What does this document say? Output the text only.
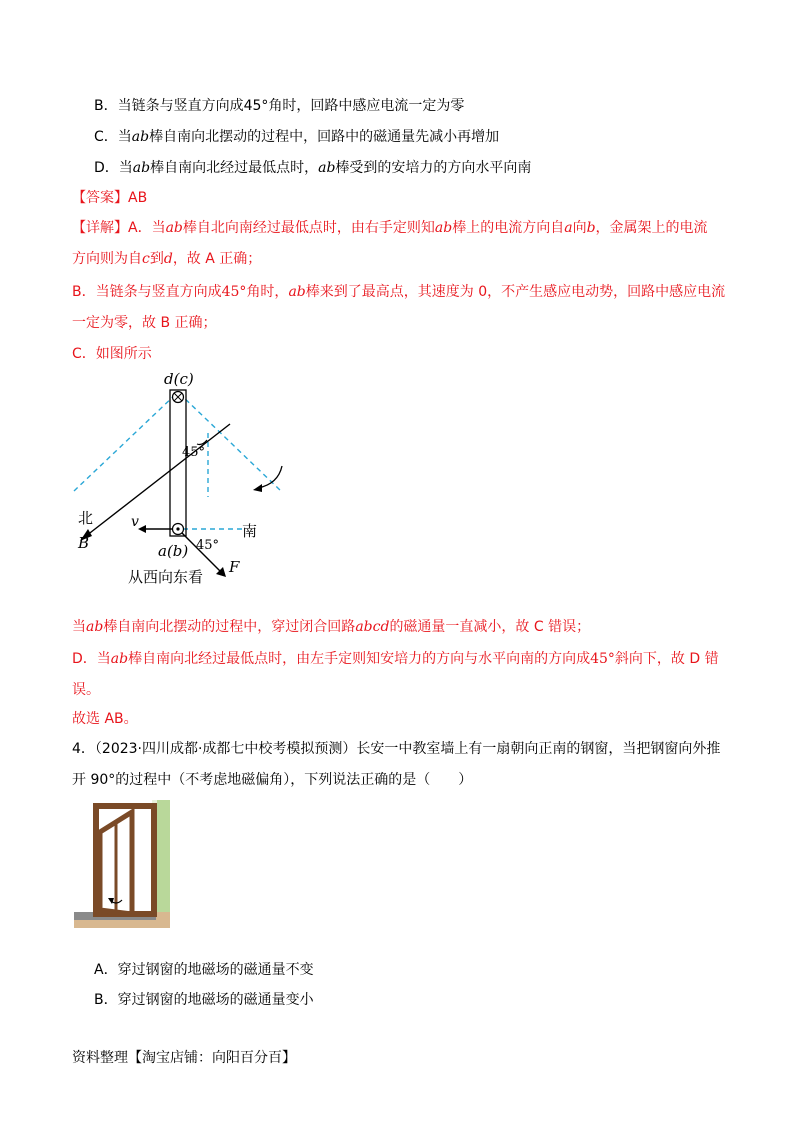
B．当链条与竖直方向成45°角时，回路中感应电流一定为零
C．当ab棒自南向北摆动的过程中，回路中的磁通量先减小再增加
D．当ab棒自南向北经过最低点时，ab棒受到的安培力的方向水平向南
【答案】AB
【详解】A．当ab棒自北向南经过最低点时，由右手定则知ab棒上的电流方向自a向b，金属架上的电流
方向则为自c到d，故 A 正确；
B．当链条与竖直方向成45°角时，ab棒来到了最高点，其速度为 0，不产生感应电动势，回路中感应电流
一定为零，故 B 正确；
C．如图所示
d(c)
45°
北
南
v
B	a(b) 45°
F
从西向东看
当ab棒自南向北摆动的过程中，穿过闭合回路abcd的磁通量一直减小，故 C 错误；
D．当ab棒自南向北经过最低点时，由左手定则知安培力的方向与水平向南的方向成45°斜向下，故 D 错
误。
故选 AB。
4．（2023·四川成都·成都七中校考模拟预测）长安一中教室墙上有一扇朝向正南的钢窗，当把钢窗向外推
开 90°的过程中（不考虑地磁偏角），下列说法正确的是（　　）
A．穿过钢窗的地磁场的磁通量不变
B．穿过钢窗的地磁场的磁通量变小
资料整理【淘宝店铺：向阳百分百】
